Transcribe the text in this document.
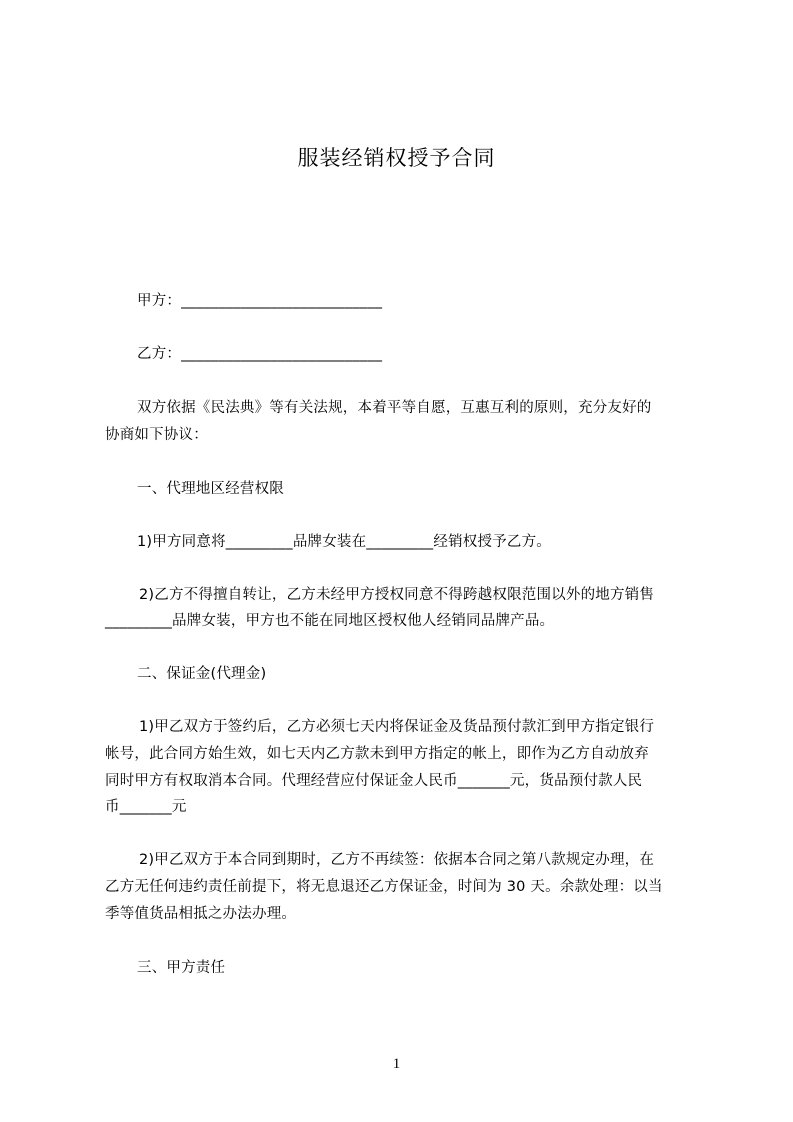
服装经销权授予合同

甲方：___________________________

乙方：___________________________

双方依据《民法典》等有关法规，本着平等自愿，互惠互利的原则，充分友好的

协商如下协议：

一、代理地区经营权限

1)甲方同意将_________品牌女装在_________经销权授予乙方。

2)乙方不得擅自转让，乙方未经甲方授权同意不得跨越权限范围以外的地方销售

_________品牌女装，甲方也不能在同地区授权他人经销同品牌产品。

二、保证金(代理金)

1)甲乙双方于签约后，乙方必须七天内将保证金及货品预付款汇到甲方指定银行

帐号，此合同方始生效，如七天内乙方款未到甲方指定的帐上，即作为乙方自动放弃

同时甲方有权取消本合同。代理经营应付保证金人民币_______元，货品预付款人民

币_______元

2)甲乙双方于本合同到期时，乙方不再续签：依据本合同之第八款规定办理，在

乙方无任何违约责任前提下，将无息退还乙方保证金，时间为 30 天。余款处理：以当

季等值货品相抵之办法办理。

三、甲方责任

1
